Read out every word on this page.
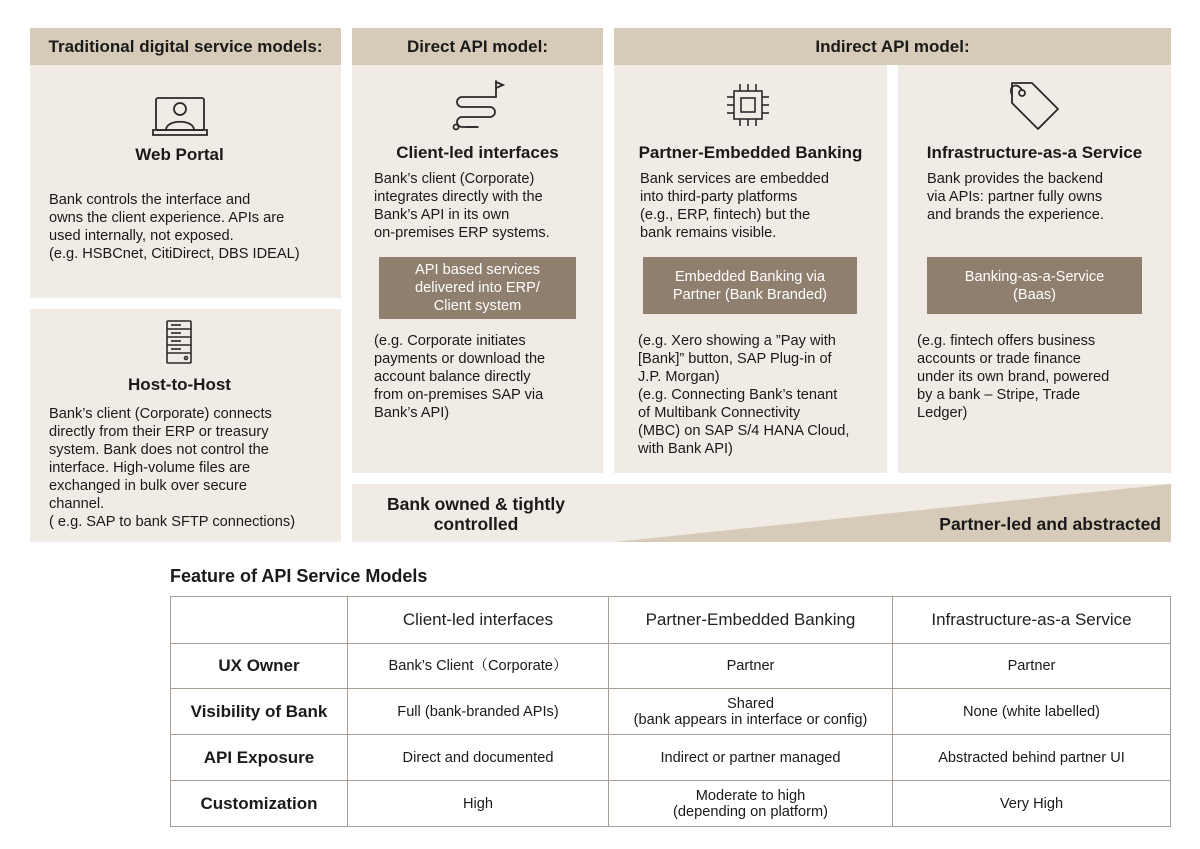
Traditional digital service models:	Direct API model:	Indirect API model:
Web Portal
Bank controls the interface and
owns the client experience. APIs are
used internally, not exposed.
(e.g. HSBCnet, CitiDirect, DBS IDEAL)
Host-to-Host
Bank’s client (Corporate) connects
directly from their ERP or treasury
system. Bank does not control the
interface. High-volume files are
exchanged in bulk over secure
channel.
( e.g. SAP to bank SFTP connections)
Client-led interfaces
Bank’s client (Corporate)
integrates directly with the
Bank’s API in its own
on-premises ERP systems.
API based services
delivered into ERP/
Client system
(e.g. Corporate initiates
payments or download the
account balance directly
from on-premises SAP via
Bank’s API)
Partner-Embedded Banking
Bank services are embedded
into third-party platforms
(e.g., ERP, fintech) but the
bank remains visible.
Embedded Banking via
Partner (Bank Branded)
(e.g. Xero showing a ”Pay with
[Bank]” button, SAP Plug-in of
J.P. Morgan)
(e.g. Connecting Bank’s tenant
of Multibank Connectivity
(MBC) on SAP S/4 HANA Cloud,
with Bank API)
Infrastructure-as-a Service
Bank provides the backend
via APIs: partner fully owns
and brands the experience.
Banking-as-a-Service
(Baas)
(e.g. fintech offers business
accounts or trade finance
under its own brand, powered
by a bank – Stripe, Trade
Ledger)
Bank owned & tightly
controlled	Partner-led and abstracted
Feature of API Service Models
	Client-led interfaces	Partner-Embedded Banking	Infrastructure-as-a Service
UX Owner	Bank’s Client（Corporate）	Partner	Partner
Visibility of Bank	Full (bank-branded APIs)	Shared
(bank appears in interface or config)	None (white labelled)
API Exposure	Direct and documented	Indirect or partner managed	Abstracted behind partner UI
Customization	High	Moderate to high
(depending on platform)	Very High
